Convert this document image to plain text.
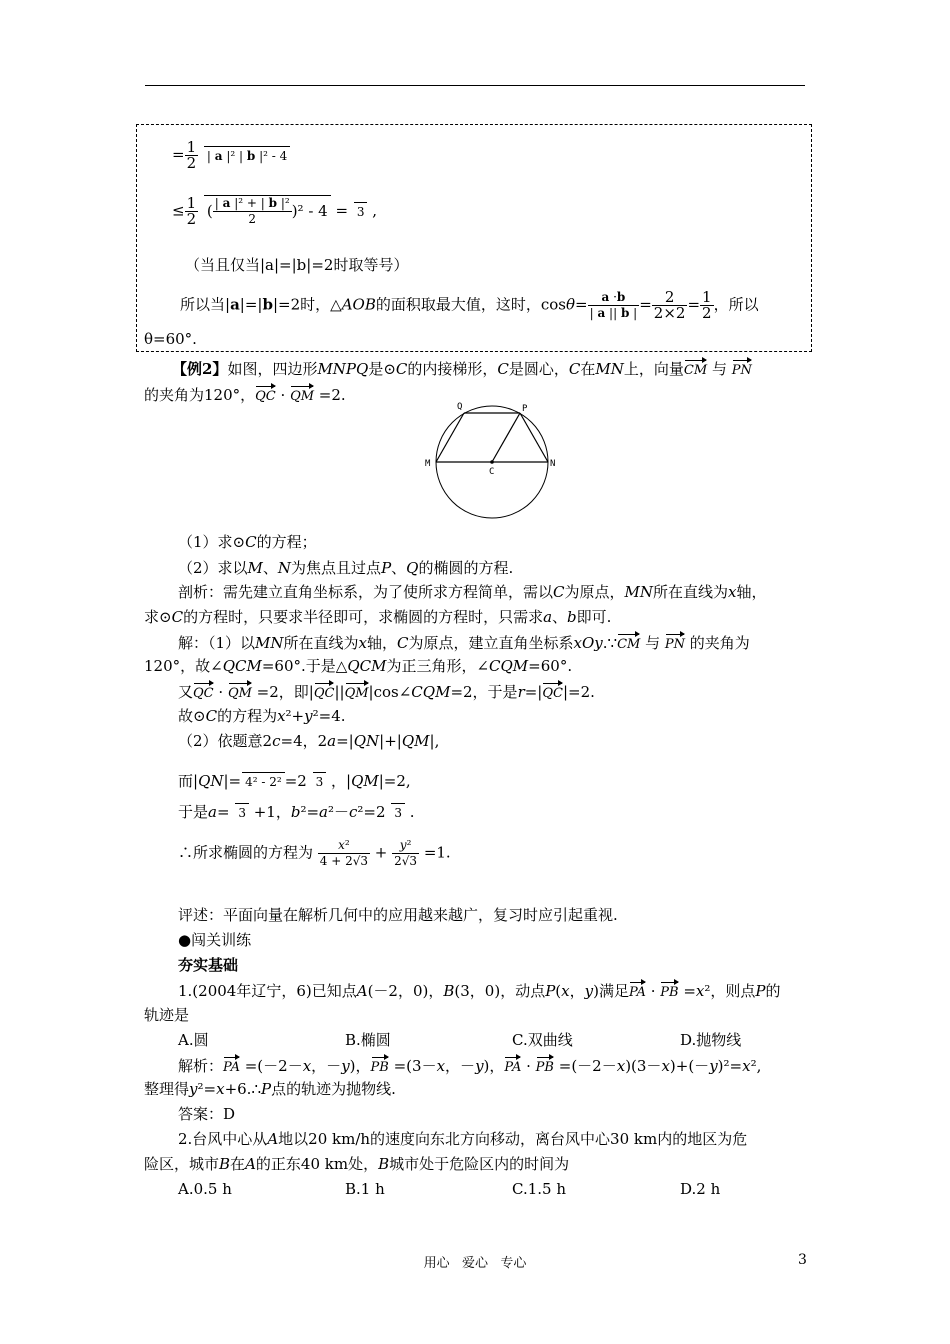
= $\frac{1}{2}$ | a |² | b |² - 4
≤ $\frac{1}{2}$ ( $\frac{\text{| a |² + | b |²}}{2} )^2 - 4 = 3$ ,
（当且仅当|a|=|b|=2时取等号）
所以当|a|=|b|=2时，△AOB的面积取最大值，这时，$\cos\theta= \frac{a \cdot b}{| a || b |} = \frac{2}{2\times 2} = \frac{1}{2}$ ，所以
θ=60°.
【例2】如图，四边形MNPQ是⊙C的内接梯形，C是圆心，C在MN上，向量CM 与 PN
的夹角为120°，QC · QM =2.
Q	P
M
C
N
（1）求⊙C的方程；
（2）求以M、N为焦点且过点P、Q的椭圆的方程.
剖析：需先建立直角坐标系，为了使所求方程简单，需以C为原点，MN所在直线为x轴，
求⊙C的方程时，只要求半径即可，求椭圆的方程时，只需求a、b即可.
解：（1）以MN所在直线为x轴，C为原点，建立直角坐标系xOy.∵CM 与 PN 的夹角为
120°，故∠QCM=60°.于是△QCM为正三角形，∠CQM=60°.
又QC · QM =2，即|QC||QM|cos∠CQM=2，于是r=|QC|=2.
故⊙C的方程为x²+y²=4.
（2）依题意2c=4，2a=|QN|+|QM|,
而|QN|= 4² - 2² =2 3 ，|QM|=2,
于是a= 3 +1，b²=a²－c²=2 3 .
∴所求椭圆的方程为 $\frac{\text{x²}}{4 + 2√3} + \frac{\text{y²}}{2√3} =1$.
评述：平面向量在解析几何中的应用越来越广，复习时应引起重视.
●闯关训练
夯实基础
1.(2004年辽宁，6)已知点A(－2，0)，B(3，0)，动点P(x，y)满足PA · PB =x²，则点P的
轨迹是
A.圆	B.椭圆	C.双曲线	D.抛物线
解析：PA =(－2－x，－y)，PB =(3－x，－y)，PA · PB =(－2－x)(3－x)+(－y)²=x²,
整理得y²=x+6.∴P点的轨迹为抛物线.
答案：D
2.台风中心从A地以20 km/h的速度向东北方向移动，离台风中心30 km内的地区为危
险区，城市B在A的正东40 km处，B城市处于危险区内的时间为
A.0.5 h	B.1 h	C.1.5 h	D.2 h
用心   爱心   专心	3
